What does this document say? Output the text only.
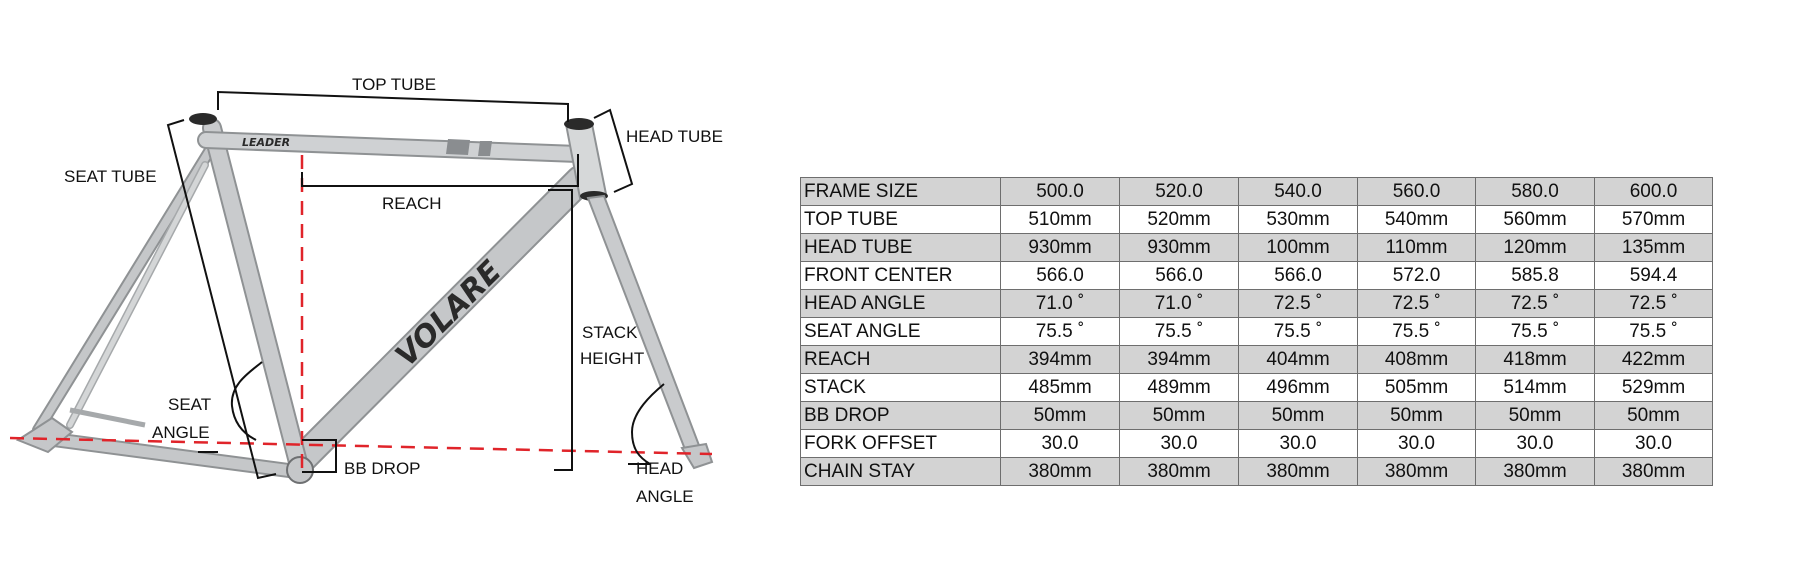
LEADER
VOLARE
TOP TUBE
HEAD TUBE
SEAT TUBE
REACH
STACK
HEIGHT
SEAT
ANGLE
BB DROP	HEAD
ANGLE
FRAME SIZE	500.0	520.0	540.0	560.0	580.0	600.0
TOP TUBE	510mm	520mm	530mm	540mm	560mm	570mm
HEAD TUBE	930mm	930mm	100mm	110mm	120mm	135mm
FRONT CENTER	566.0	566.0	566.0	572.0	585.8	594.4
HEAD ANGLE	71.0 ˚	71.0 ˚	72.5 ˚	72.5 ˚	72.5 ˚	72.5 ˚
SEAT ANGLE	75.5 ˚	75.5 ˚	75.5 ˚	75.5 ˚	75.5 ˚	75.5 ˚
REACH	394mm	394mm	404mm	408mm	418mm	422mm
STACK	485mm	489mm	496mm	505mm	514mm	529mm
BB DROP	50mm	50mm	50mm	50mm	50mm	50mm
FORK OFFSET	30.0	30.0	30.0	30.0	30.0	30.0
CHAIN STAY	380mm	380mm	380mm	380mm	380mm	380mm
